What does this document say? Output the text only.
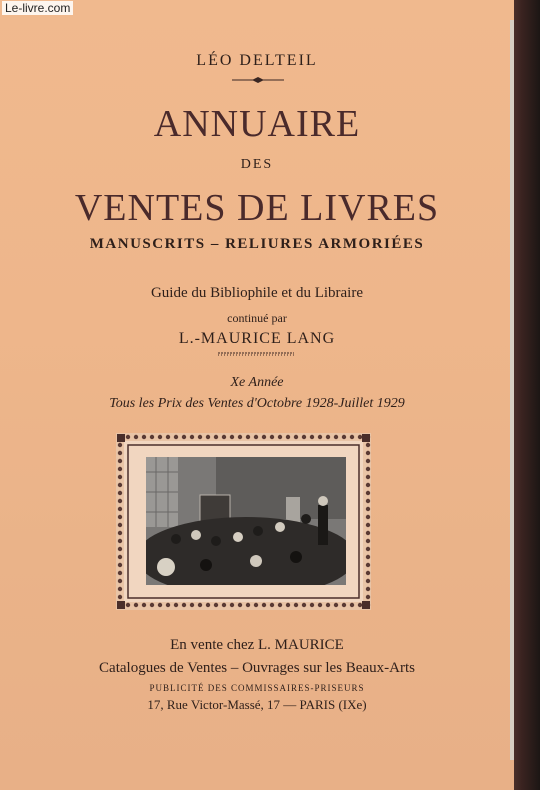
LÉO DELTEIL
ANNUAIRE
DES
VENTES DE LIVRES
MANUSCRITS – RELIURES ARMORIÉES
Guide du Bibliophile et du Libraire
continué par
L.-MAURICE LANG
Xe Année
Tous les Prix des Ventes d'Octobre 1928-Juillet 1929
En vente chez L. MAURICE
Catalogues de Ventes – Ouvrages sur les Beaux-Arts
PUBLICITÉ DES COMMISSAIRES-PRISEURS
17, Rue Victor-Massé, 17 — PARIS (IXe)
Le-livre.com
